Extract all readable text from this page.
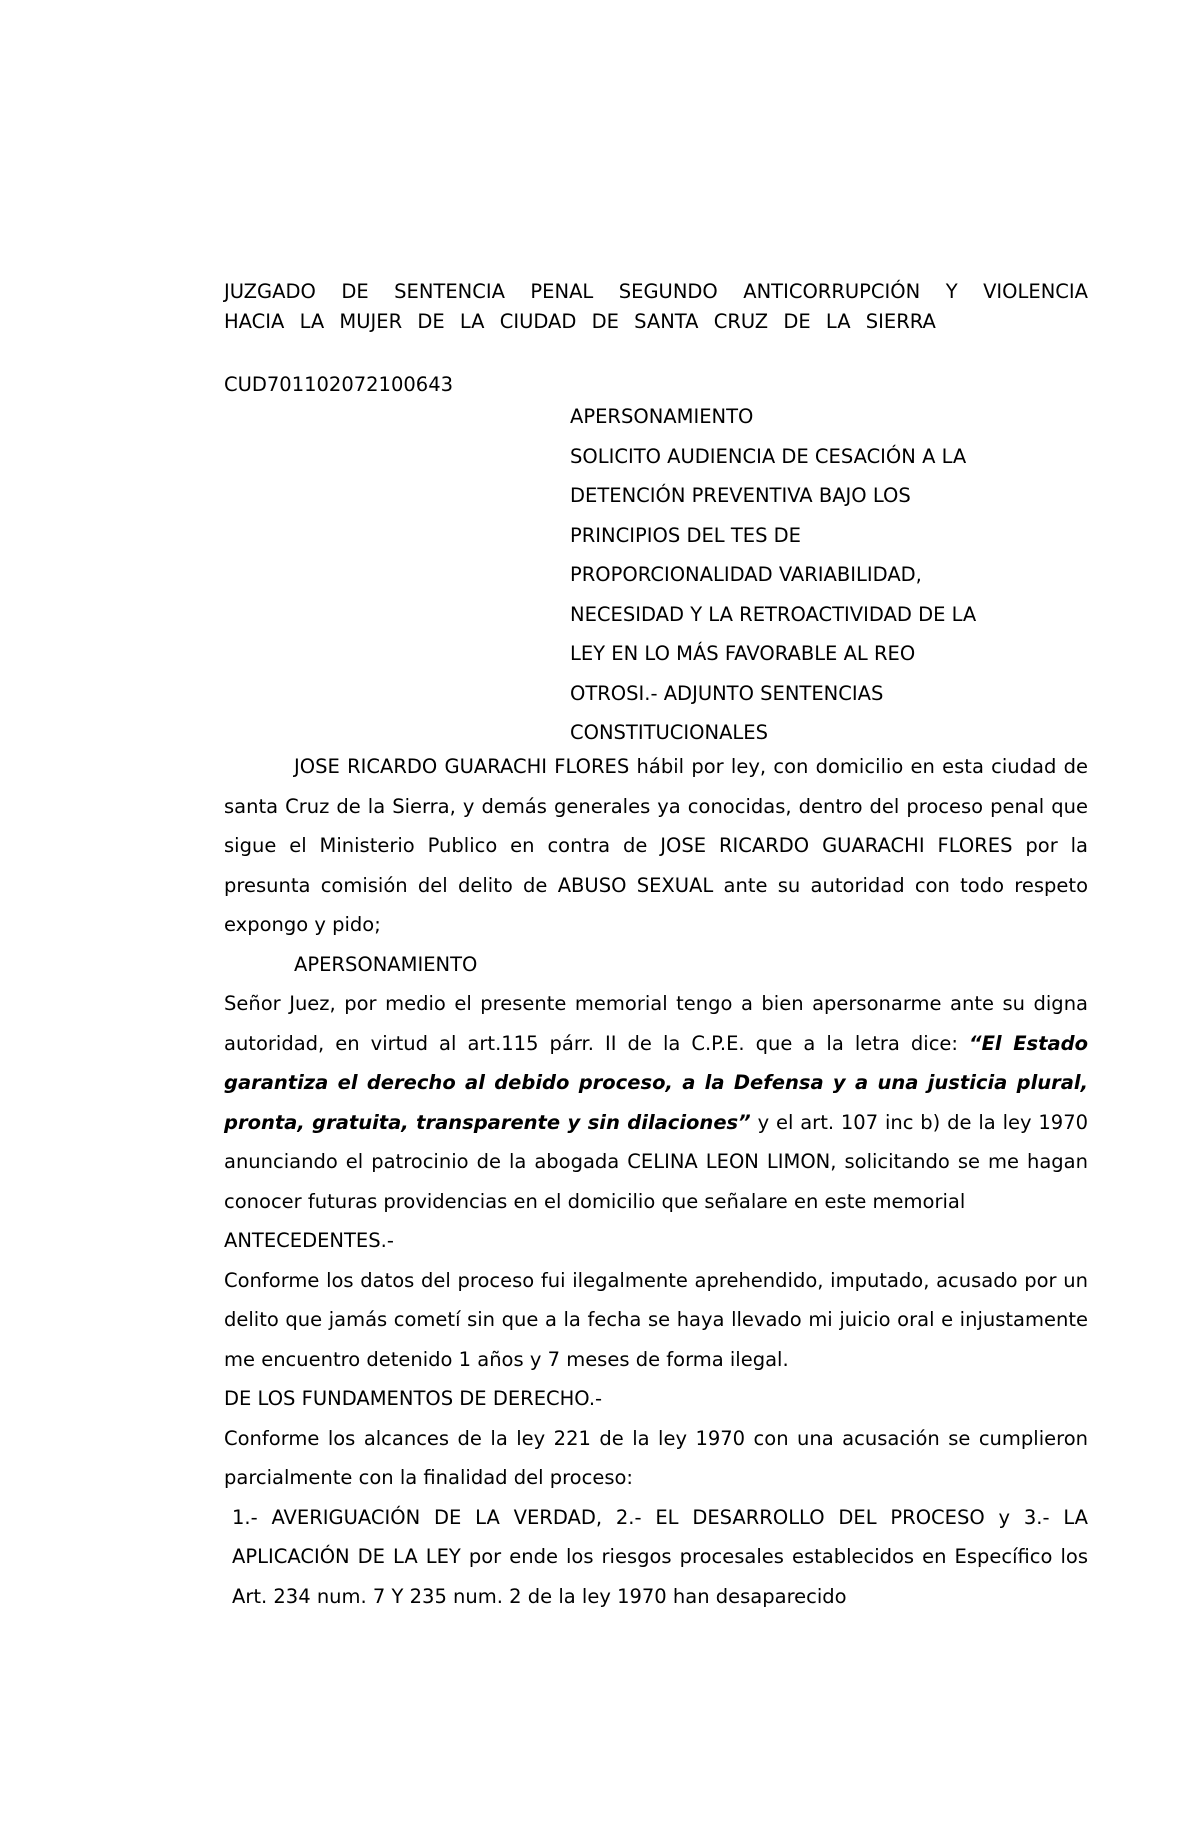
JUZGADO DE SENTENCIA PENAL SEGUNDO ANTICORRUPCIÓN Y VIOLENCIA HACIA LA MUJER DE LA CIUDAD DE SANTA CRUZ DE LA SIERRA
CUD701102072100643
APERSONAMIENTO
SOLICITO AUDIENCIA DE CESACIÓN A LA
DETENCIÓN PREVENTIVA BAJO LOS
PRINCIPIOS DEL TES DE
PROPORCIONALIDAD VARIABILIDAD,
NECESIDAD Y LA RETROACTIVIDAD DE LA
LEY EN LO MÁS FAVORABLE AL REO
OTROSI.- ADJUNTO SENTENCIAS
CONSTITUCIONALES
JOSE RICARDO GUARACHI FLORES hábil por ley, con domicilio en esta ciudad de santa Cruz de la Sierra, y demás generales ya conocidas, dentro del proceso penal que sigue el Ministerio Publico en contra de JOSE RICARDO GUARACHI FLORES por la presunta comisión del delito de ABUSO SEXUAL ante su autoridad con todo respeto expongo y pido;
APERSONAMIENTO
Señor Juez, por medio el presente memorial tengo a bien apersonarme ante su digna autoridad, en virtud al art.115 párr. II de la C.P.E. que a la letra dice: “El Estado garantiza el derecho al debido proceso, a la Defensa y a una justicia plural, pronta, gratuita, transparente y sin dilaciones” y el art. 107 inc b) de la ley 1970 anunciando el patrocinio de la abogada CELINA LEON LIMON, solicitando se me hagan conocer futuras providencias en el domicilio que señalare en este memorial
ANTECEDENTES.-
Conforme los datos del proceso fui ilegalmente aprehendido, imputado, acusado por un delito que jamás cometí sin que a la fecha se haya llevado mi juicio oral e injustamente me encuentro detenido 1 años y 7 meses de forma ilegal.
DE LOS FUNDAMENTOS DE DERECHO.-
Conforme los alcances de la ley 221 de la ley 1970 con una acusación se cumplieron parcialmente con la finalidad del proceso:
1.- AVERIGUACIÓN DE LA VERDAD, 2.- EL DESARROLLO DEL PROCESO y 3.- LA APLICACIÓN DE LA LEY por ende los riesgos procesales establecidos en Específico los Art. 234 num. 7 Y 235 num. 2 de la ley 1970 han desaparecido
